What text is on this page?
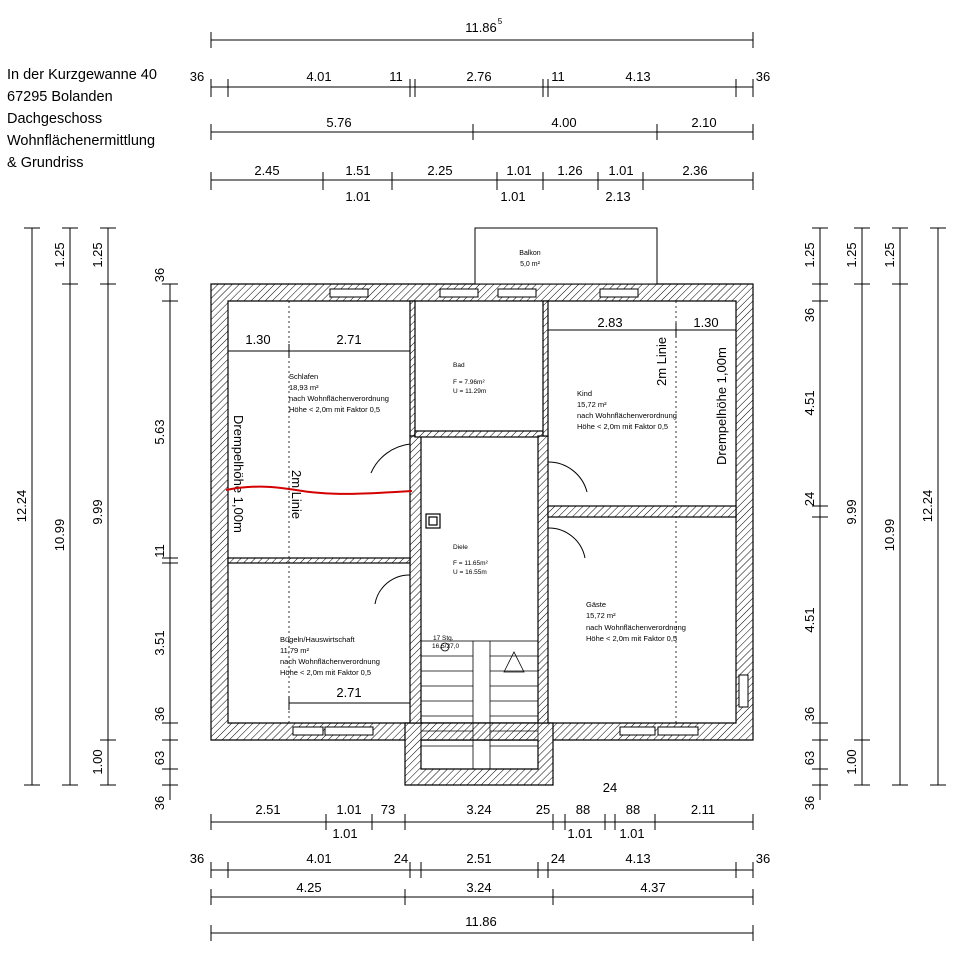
In der Kurzgewanne 40
67295 Bolanden
Dachgeschoss
Wohnflächenermittlung
& Grundriss
11.86 5
36	4.01	11	2.76	11	4.13	36
5.76	4.00	2.10
2.45	1.51	2.25	1.01 1.26 1.01	2.36
1.01	1.01	2.13
12.24
1.25
10.99
1.25
9.99
1.00
36
5.63
11
3.51
36
63
36
1.25
36
4.51
24
4.51
36
63
36
1.25
9.99
1.00
1.25
10.99
12.24
24
2.51	1.01 73	3.24	25 88	88	2.11
1.01	1.01 1.01
36	4.01	24	2.51	24	4.13	36
4.25	3.24	4.37
11.86
Balkon
5,0 m²
17 Stg.
16,5/27,0
1.30	2.71
2.83	1.30
2.71
Drempelhöhe 1,00m	2m Linie
Drempelhöhe 1,00m
2m Linie
Schlafen
18,93 m²
nach Wohnflächenverordnung
Höhe < 2,0m mit Faktor 0,5
Bad
F = 7.96m²
U = 11.29m	Kind
15,72 m²
nach Wohnflächenverordnung
Höhe < 2,0m mit Faktor 0,5
Diele
F = 11.65m²
U = 16.55m
Gäste
15,72 m²
nach Wohnflächenverordnung
Höhe < 2,0m mit Faktor 0,5
Bügeln/Hauswirtschaft
11,79 m²
nach Wohnflächenverordnung
Höhe < 2,0m mit Faktor 0,5
